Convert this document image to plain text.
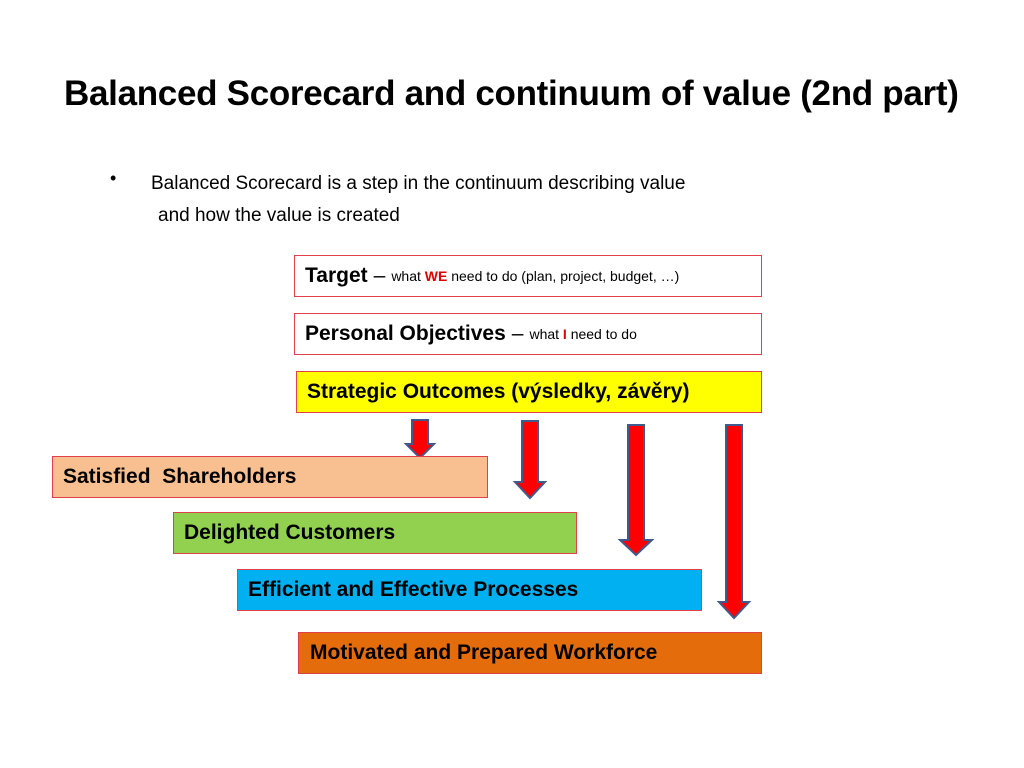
Balanced Scorecard and continuum of value (2nd part)
• Balanced Scorecard is a step in the continuum describing value
and how the value is created
Target – what WE need to do (plan, project, budget, …)
Personal Objectives – what I need to do
Strategic Outcomes (výsledky, závěry)
Satisfied  Shareholders
Delighted Customers
Efficient and Effective Processes
Motivated and Prepared Workforce
